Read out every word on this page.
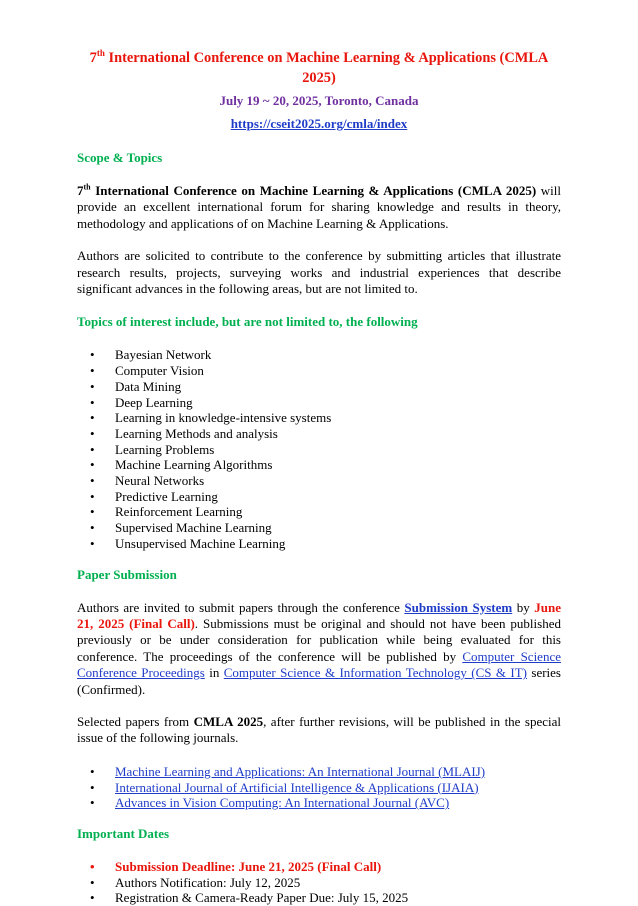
7th International Conference on Machine Learning & Applications (CMLA 2025)
July 19 ~ 20, 2025, Toronto, Canada
https://cseit2025.org/cmla/index
Scope & Topics

7th International Conference on Machine Learning & Applications (CMLA 2025) will provide an excellent international forum for sharing knowledge and results in theory, methodology and applications of on Machine Learning & Applications.

Authors are solicited to contribute to the conference by submitting articles that illustrate research results, projects, surveying works and industrial experiences that describe significant advances in the following areas, but are not limited to.

Topics of interest include, but are not limited to, the following
• Bayesian Network
• Computer Vision
• Data Mining
• Deep Learning
• Learning in knowledge-intensive systems
• Learning Methods and analysis
• Learning Problems
• Machine Learning Algorithms
• Neural Networks
• Predictive Learning
• Reinforcement Learning
• Supervised Machine Learning
• Unsupervised Machine Learning
Paper Submission

Authors are invited to submit papers through the conference Submission System by June 21, 2025 (Final Call). Submissions must be original and should not have been published previously or be under consideration for publication while being evaluated for this conference. The proceedings of the conference will be published by Computer Science Conference Proceedings in Computer Science & Information Technology (CS & IT) series (Confirmed).

Selected papers from CMLA 2025, after further revisions, will be published in the special issue of the following journals.

• Machine Learning and Applications: An International Journal (MLAIJ)
• International Journal of Artificial Intelligence & Applications (IJAIA)
• Advances in Vision Computing: An International Journal (AVC)
Important Dates
• Submission Deadline: June 21, 2025 (Final Call)
• Authors Notification: July 12, 2025
• Registration & Camera-Ready Paper Due: July 15, 2025
